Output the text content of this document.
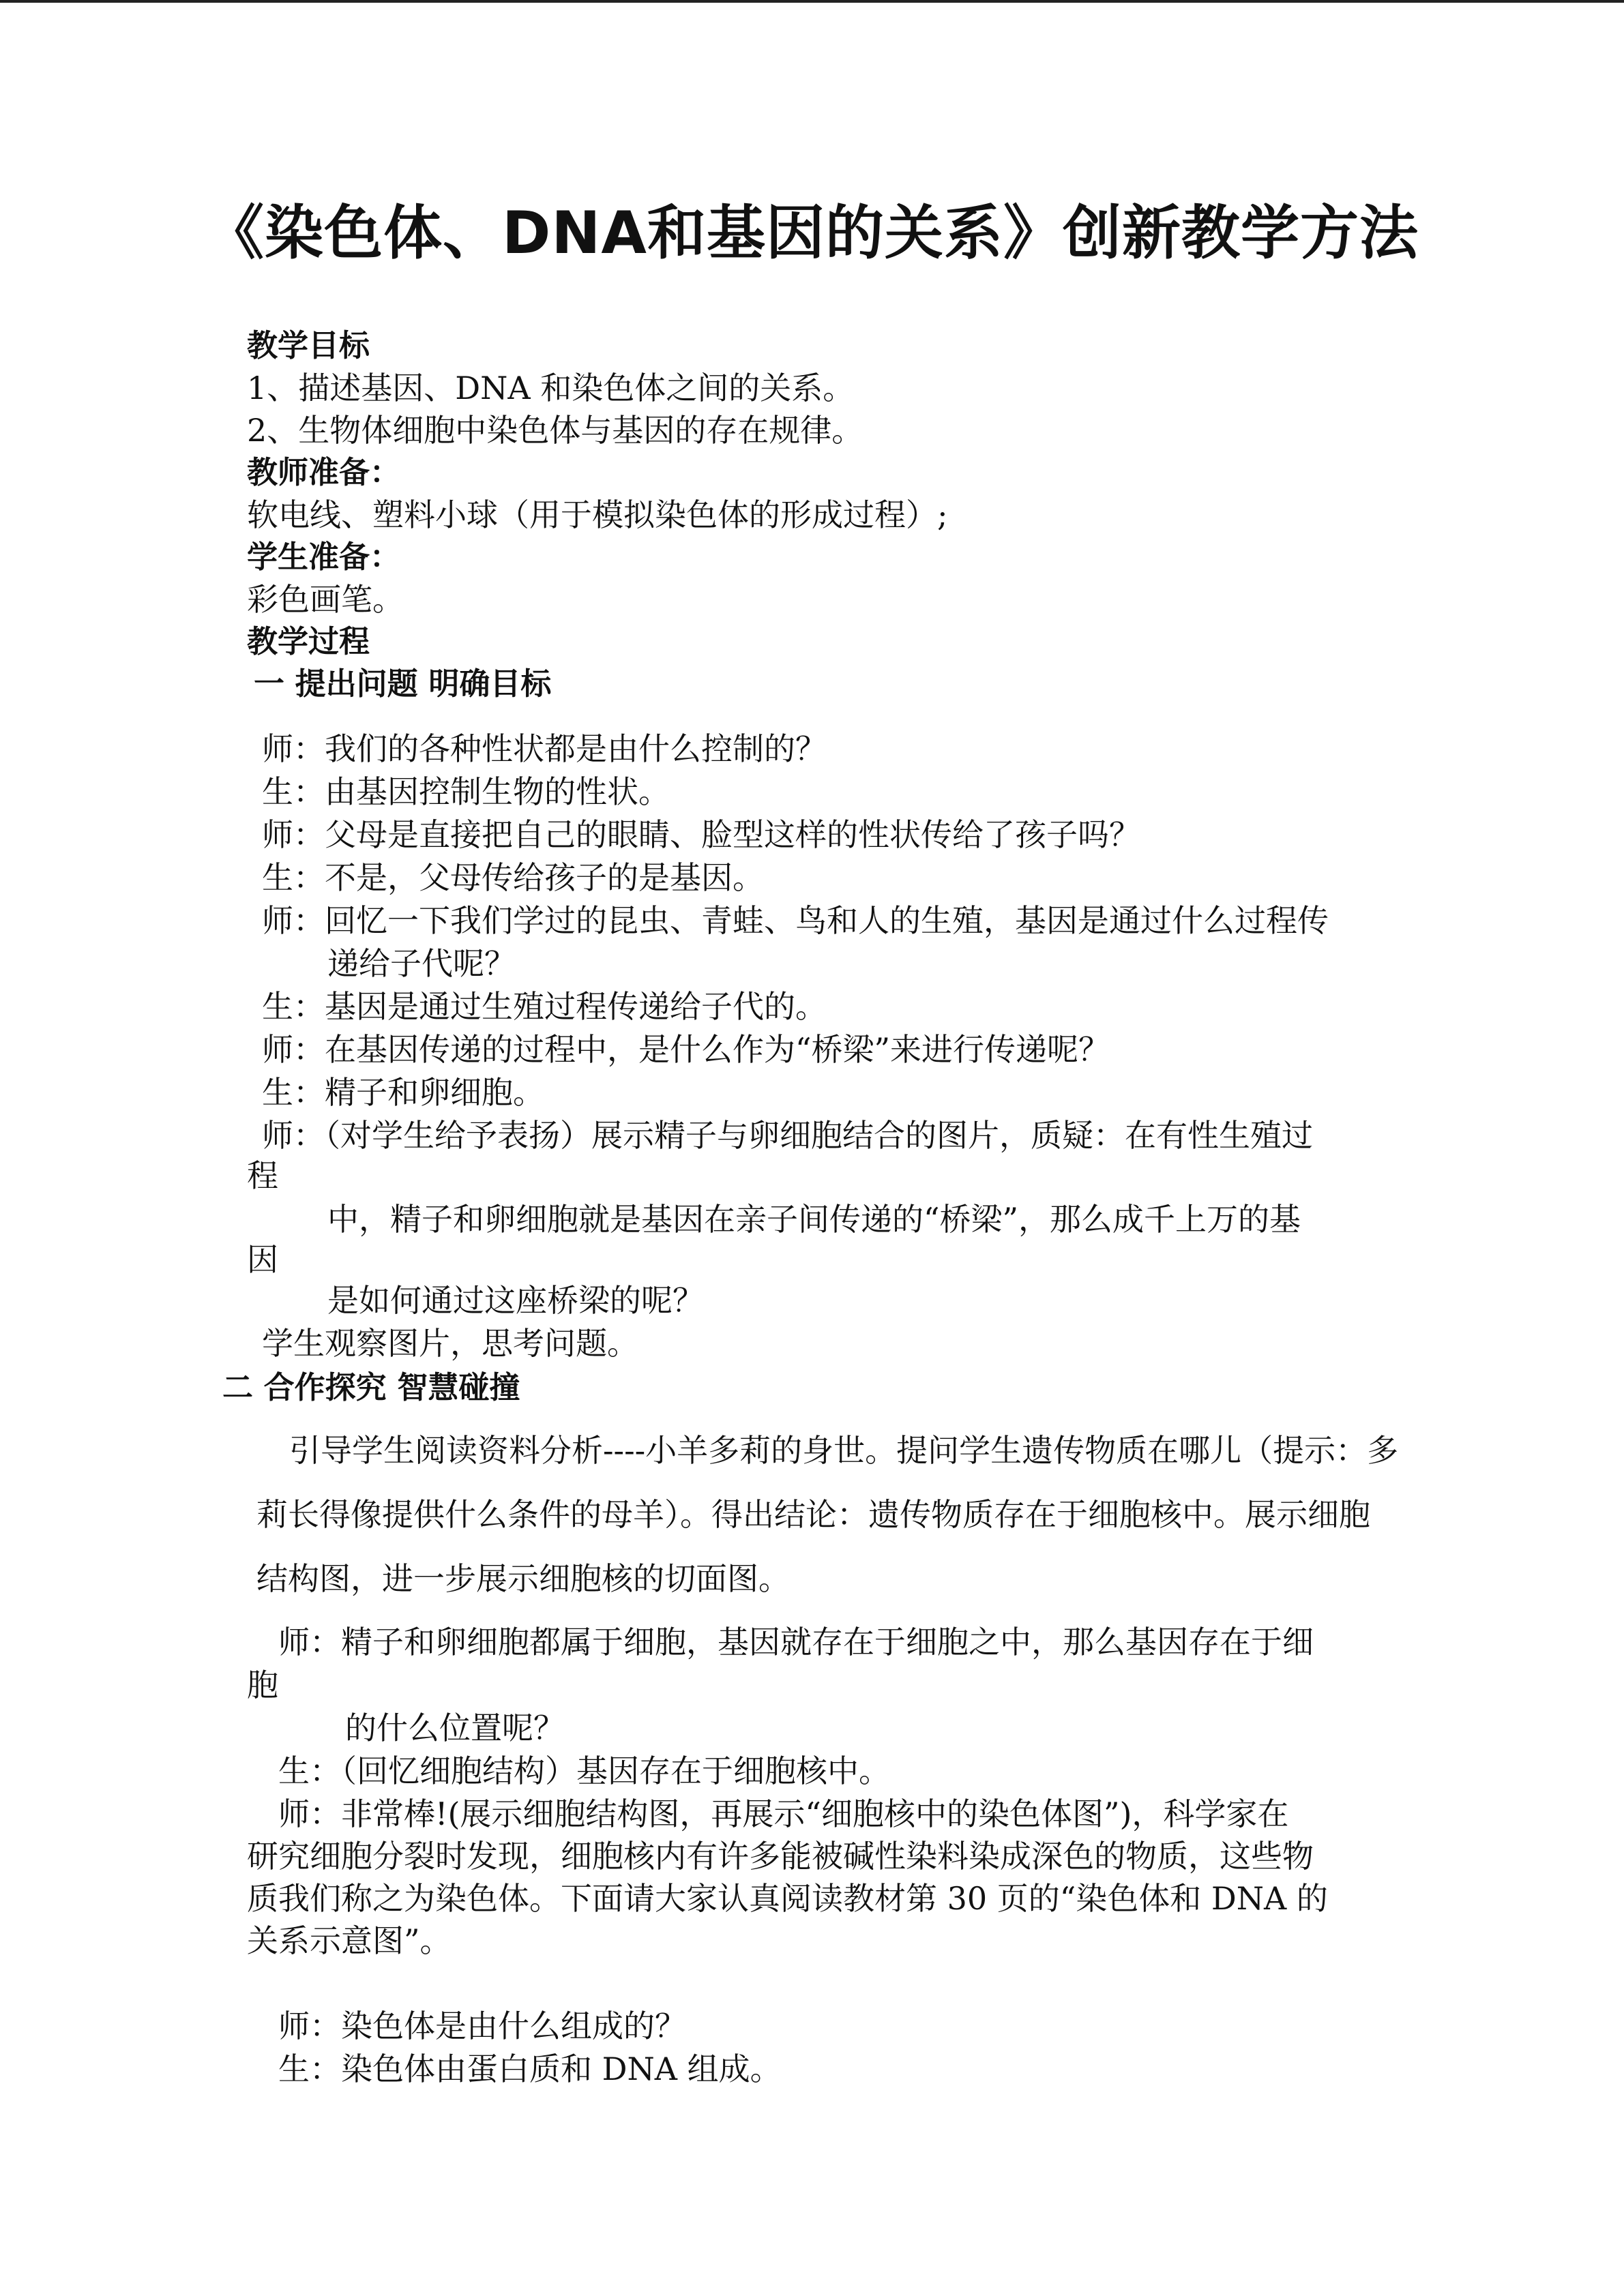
《染色体、DNA和基因的关系》创新教学方法
教学目标
1、描述基因、DNA 和染色体之间的关系。
2、生物体细胞中染色体与基因的存在规律。
教师准备：
软电线、塑料小球（用于模拟染色体的形成过程）;
学生准备：
彩色画笔。
教学过程
一 提出问题 明确目标
师：我们的各种性状都是由什么控制的？
生：由基因控制生物的性状。
师：父母是直接把自己的眼睛、脸型这样的性状传给了孩子吗？
生：不是，父母传给孩子的是基因。
师：回忆一下我们学过的昆虫、青蛙、鸟和人的生殖，基因是通过什么过程传
递给子代呢？
生：基因是通过生殖过程传递给子代的。
师：在基因传递的过程中，是什么作为“桥梁”来进行传递呢？
生：精子和卵细胞。
师：（对学生给予表扬）展示精子与卵细胞结合的图片，质疑：在有性生殖过
程
中，精子和卵细胞就是基因在亲子间传递的“桥梁”，那么成千上万的基
因
是如何通过这座桥梁的呢？
学生观察图片，思考问题。
二 合作探究 智慧碰撞
引导学生阅读资料分析----小羊多莉的身世。提问学生遗传物质在哪儿（提示：多
莉长得像提供什么条件的母羊）。得出结论：遗传物质存在于细胞核中。展示细胞
结构图，进一步展示细胞核的切面图。
师：精子和卵细胞都属于细胞，基因就存在于细胞之中，那么基因存在于细
胞
的什么位置呢？
生：（回忆细胞结构）基因存在于细胞核中。
师：非常棒!(展示细胞结构图，再展示“细胞核中的染色体图”)，科学家在
研究细胞分裂时发现，细胞核内有许多能被碱性染料染成深色的物质，这些物
质我们称之为染色体。下面请大家认真阅读教材第 30 页的“染色体和 DNA 的
关系示意图”。
师：染色体是由什么组成的？
生：染色体由蛋白质和 DNA 组成。
